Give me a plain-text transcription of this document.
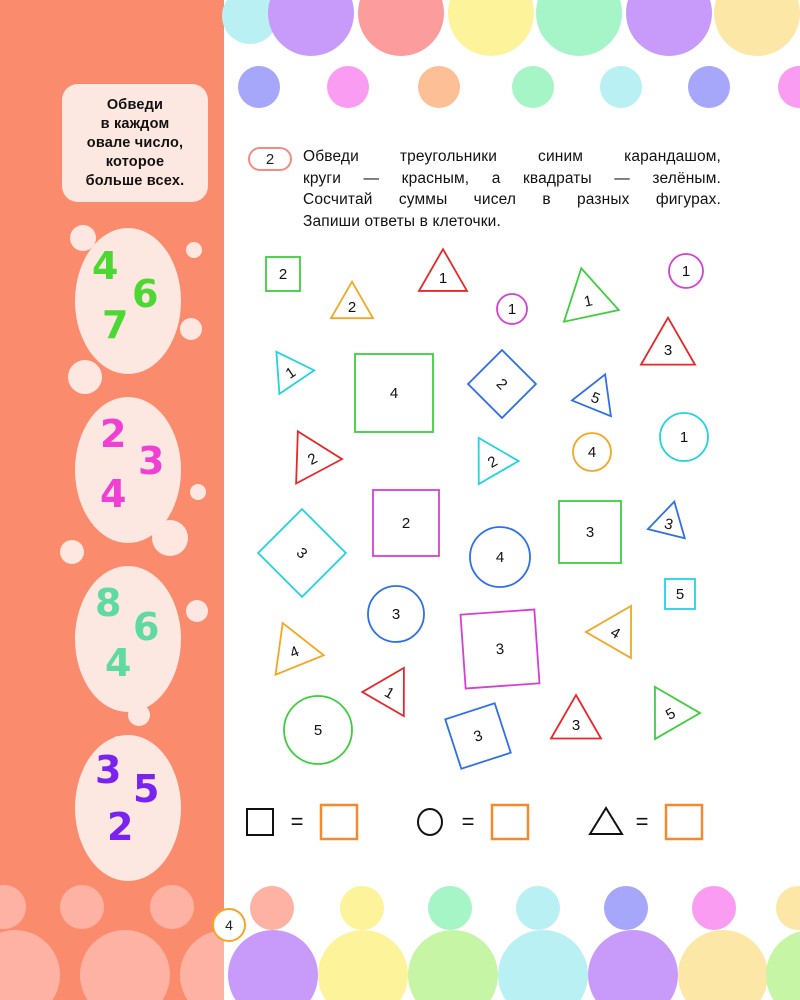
Обведи
в каждом
овале число,
которое
больше всех.
4
6
7
2
3
4
8
6
4
3 5
2
2	Обведи треугольники синим карандашом,
круги — красным, а квадраты — зелёным.
Сосчитай суммы чисел в разных фигурах.
Запиши ответы в клеточки.
2
2
1
1	1
1
3
1
4
2
5
1
2	2
4
3
2
4
3	3
5
3
3
4
4
1
5	3
3
5
=	=	=
4
